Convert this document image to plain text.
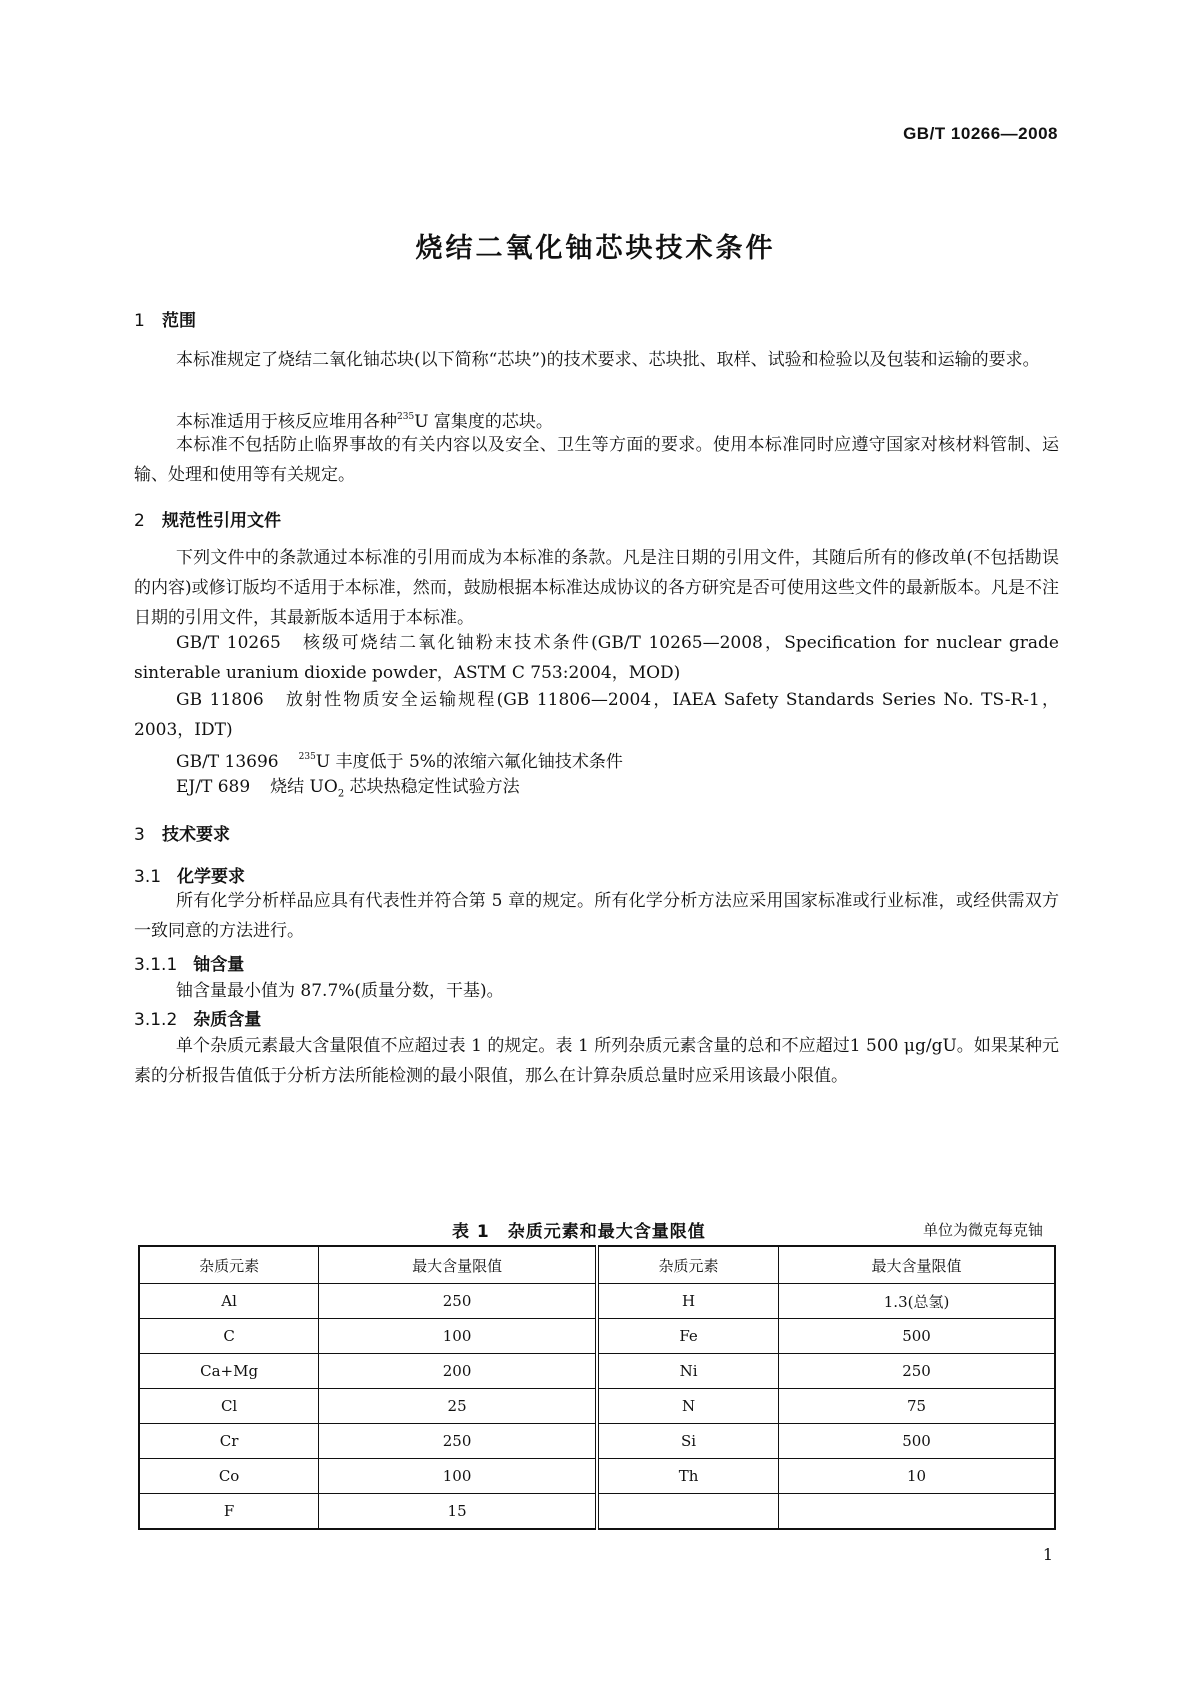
GB/T 10266—2008
烧结二氧化铀芯块技术条件
1 范围

本标准规定了烧结二氧化铀芯块(以下简称“芯块”)的技术要求、芯块批、取样、试验和检验以及包装和运输的要求。

本标准适用于核反应堆用各种$^{235}$U 富集度的芯块。

本标准不包括防止临界事故的有关内容以及安全、卫生等方面的要求。使用本标准同时应遵守国家对核材料管制、运输、处理和使用等有关规定。

2 规范性引用文件

下列文件中的条款通过本标准的引用而成为本标准的条款。凡是注日期的引用文件，其随后所有的修改单(不包括勘误的内容)或修订版均不适用于本标准，然而，鼓励根据本标准达成协议的各方研究是否可使用这些文件的最新版本。凡是不注日期的引用文件，其最新版本适用于本标准。

GB/T 10265 核级可烧结二氧化铀粉末技术条件(GB/T 10265—2008，Specification for nuclear grade sinterable uranium dioxide powder，ASTM C 753:2004，MOD)

GB 11806 放射性物质安全运输规程(GB 11806—2004，IAEA Safety Standards Series No. TS-R-1，2003，IDT)

GB/T 13696 $^{235}$U 丰度低于 5%的浓缩六氟化铀技术条件

EJ/T 689 烧结 $UO_2$ 芯块热稳定性试验方法

3 技术要求
3.1 化学要求

所有化学分析样品应具有代表性并符合第 5 章的规定。所有化学分析方法应采用国家标准或行业标准，或经供需双方一致同意的方法进行。

3.1.1 铀含量

铀含量最小值为 87.7%(质量分数，干基)。

3.1.2 杂质含量

单个杂质元素最大含量限值不应超过表 1 的规定。表 1 所列杂质元素含量的总和不应超过1 500 μg/gU。如果某种元素的分析报告值低于分析方法所能检测的最小限值，那么在计算杂质总量时应采用该最小限值。

表 1　杂质元素和最大含量限值	单位为微克每克铀
杂质元素	最大含量限值	杂质元素	最大含量限值
Al	250	H	1.3(总氢)
C	100	Fe	500
Ca+Mg	200	Ni	250
Cl	25	N	75
Cr	250	Si	500
Co	100	Th	10
F	15		
1
